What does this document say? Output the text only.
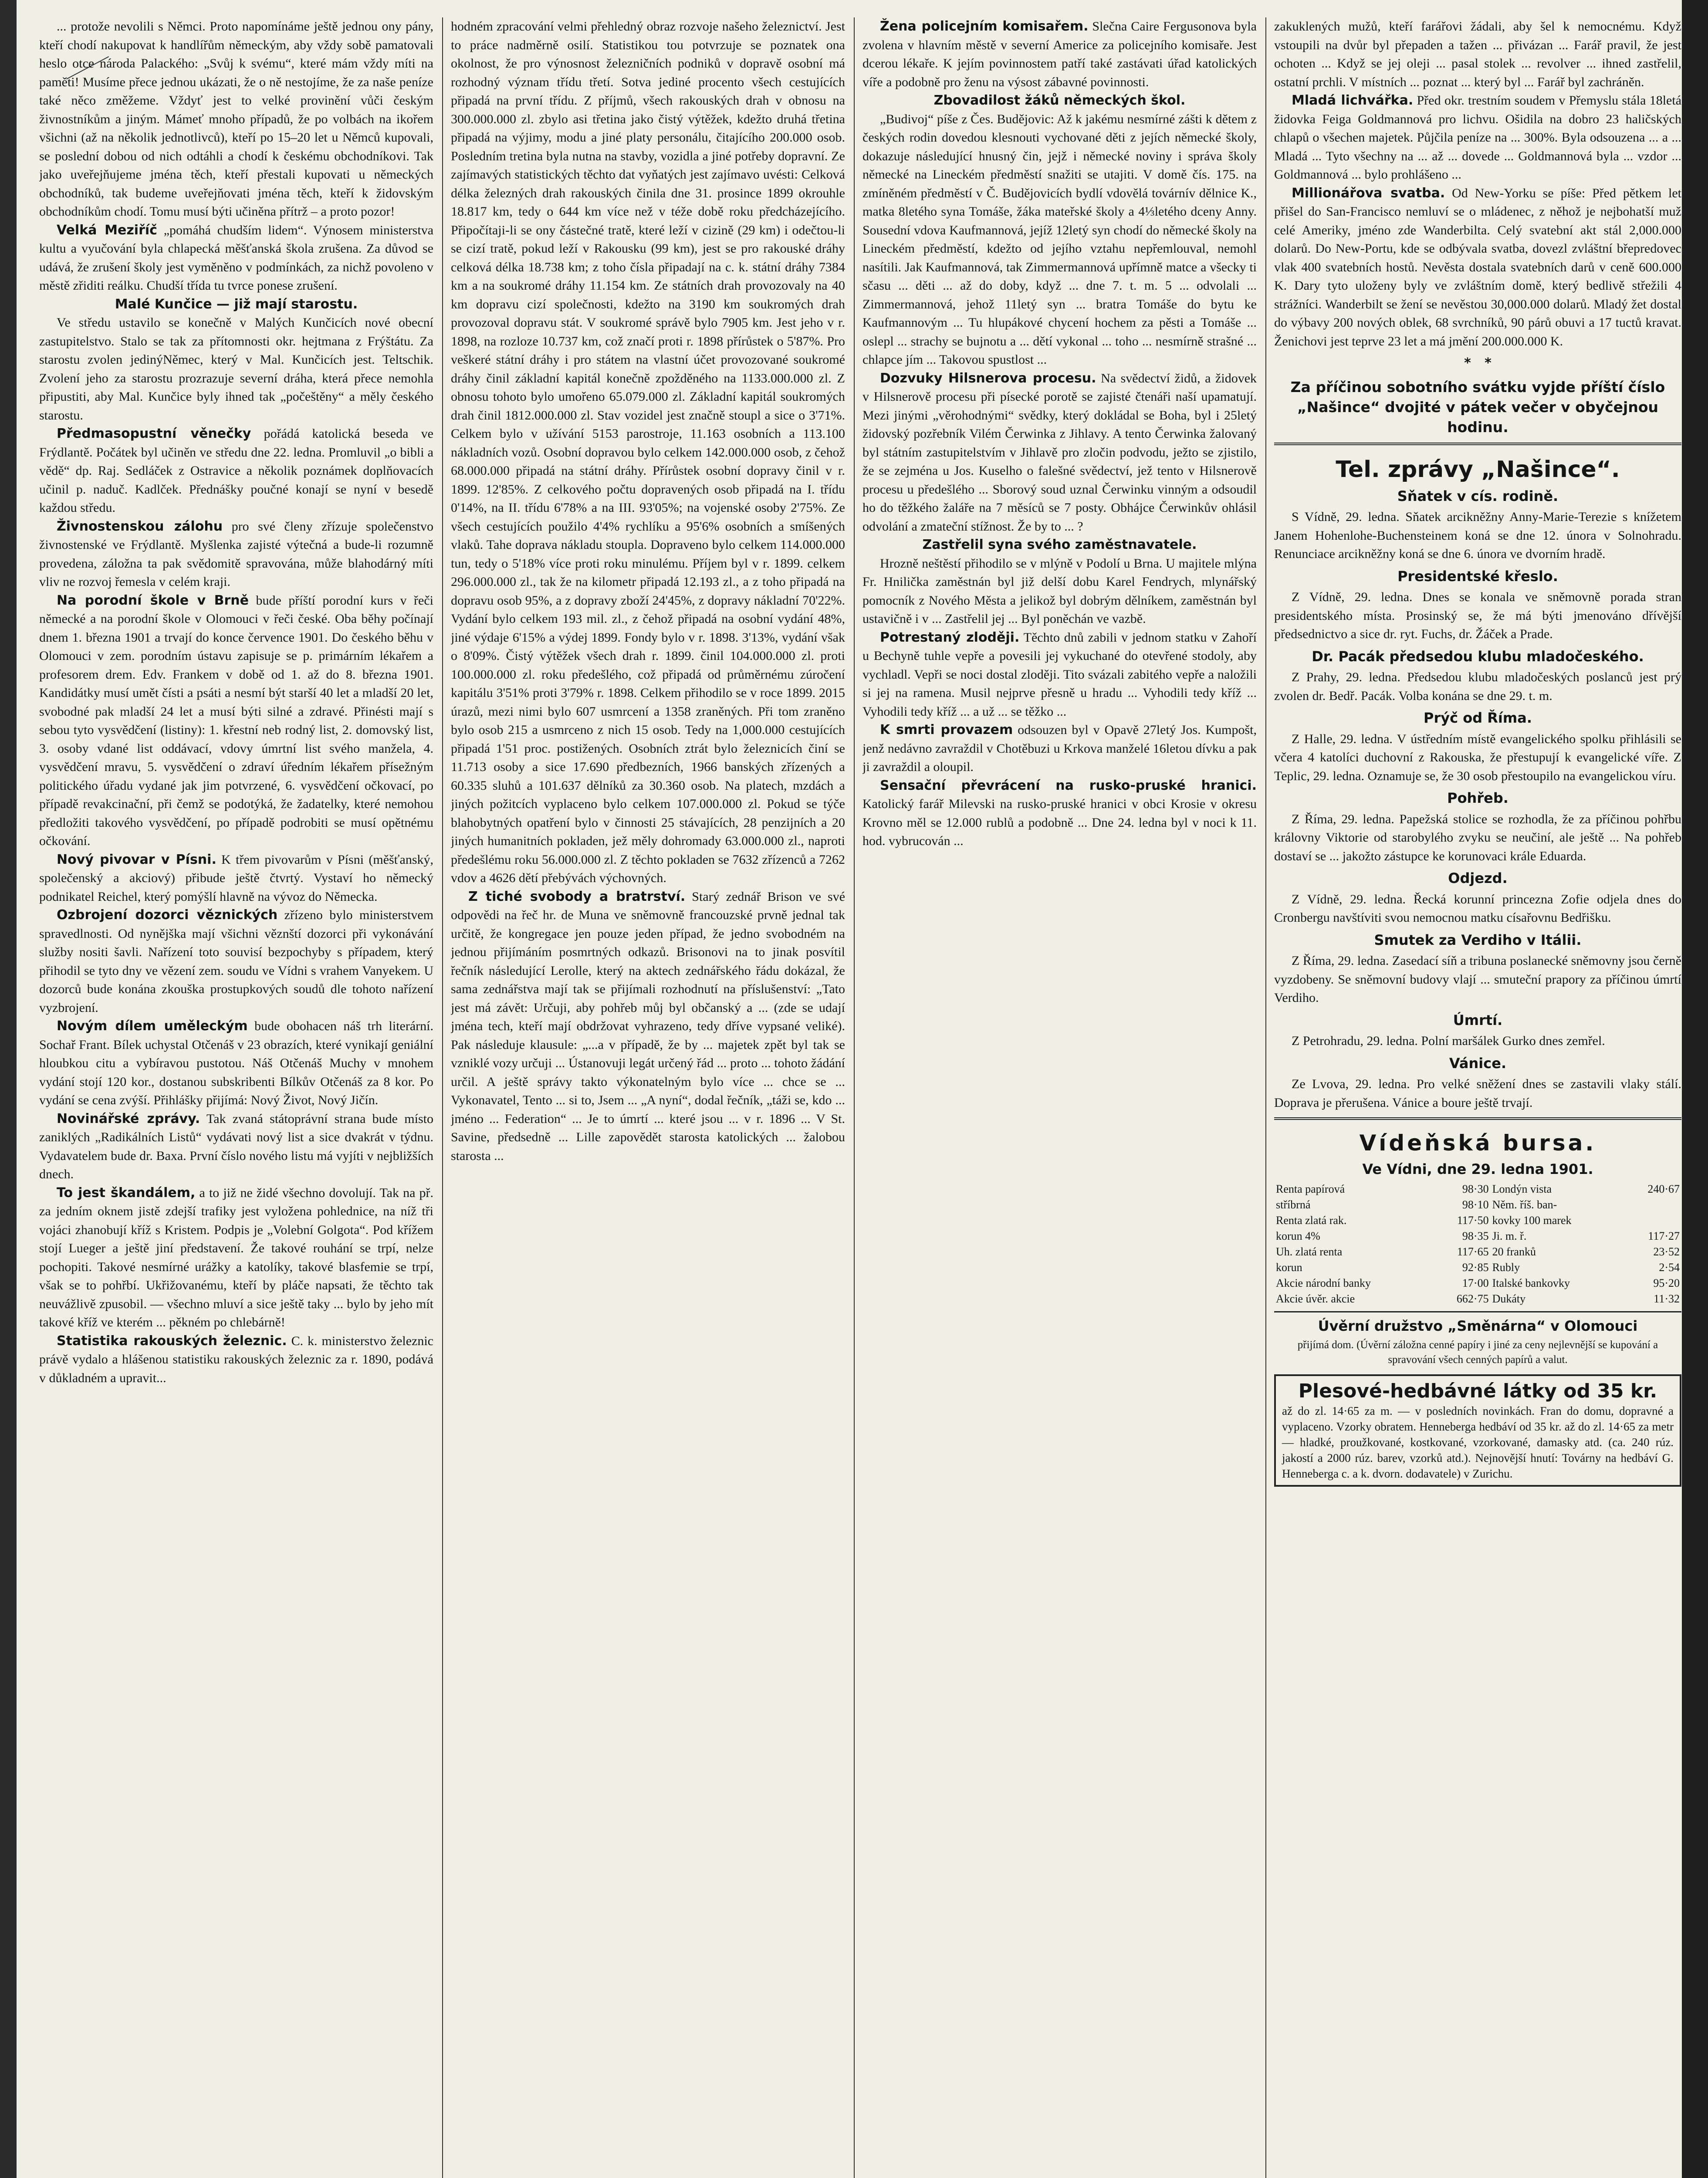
... protože nevolili s Němci. Proto napomínáme ještě jednou ony pány, kteří chodí nakupovat k handlířům německým, aby vždy sobě pamatovali heslo otce národa Palackého: „Svůj k svému“, které mám vždy míti na paměti! Musíme přece jednou ukázati, že o ně nestojíme, že za naše peníze také něco změžeme. Vždyť jest to velké provinění vůči českým živnostníkům a jiným. Mámeť mnoho případů, že po volbách na ikořem všichni (až na několik jednotlivců), kteří po 15–20 let u Němců kupovali, se poslední dobou od nich odtáhli a chodí k českému obchodníkovi. Tak jako uveřejňujeme jména těch, kteří přestali kupovati u německých obchodníků, tak budeme uveřejňovati jména těch, kteří k židovským obchodníkům chodí. Tomu musí býti učiněna přítrž – a proto pozor!

Velká Meziříč „pomáhá chudším lidem“. Výnosem ministerstva kultu a vyučování byla chlapecká měšťanská škola zrušena. Za důvod se udává, že zrušení školy jest vyměněno v podmínkách, za nichž povoleno v městě zřiditi reálku. Chudší třída tu tvrce ponese zrušení.

Malé Kunčice — již mají starostu.

Ve středu ustavilo se konečně v Malých Kunčicích nové obecní zastupitelstvo. Stalo se tak za přítomnosti okr. hejtmana z Frýštátu. Za starostu zvolen jedinýNěmec, který v Mal. Kunčicích jest. Teltschik. Zvolení jeho za starostu prozrazuje severní dráha, která přece nemohla připustiti, aby Mal. Kunčice byly ihned tak „počeštěny“ a měly českého starostu.

Předmasopustní věnečky pořádá katolická beseda ve Frýdlantě. Počátek byl učiněn ve středu dne 22. ledna. Promluvil „o bibli a vědě“ dp. Raj. Sedláček z Ostravice a několik poznámek doplňovacích učinil p. naduč. Kadlček. Přednášky poučné konají se nyní v besedě každou středu.

Živnostenskou zálohu pro své členy zřízuje společenstvo živnostenské ve Frýdlantě. Myšlenka zajisté výtečná a bude-li rozumně provedena, záložna ta pak svědomitě spravována, může blahodárný míti vliv ne rozvoj řemesla v celém kraji.

Na porodní škole v Brně bude příští porodní kurs v řeči německé a na porodní škole v Olomouci v řeči české. Oba běhy počínají dnem 1. března 1901 a trvají do konce července 1901. Do českého běhu v Olomouci v zem. porodním ústavu zapisuje se p. primárním lékařem a profesorem drem. Edv. Frankem v době od 1. až do 8. března 1901. Kandidátky musí umět čísti a psáti a nesmí být starší 40 let a mladší 20 let, svobodné pak mladší 24 let a musí býti silné a zdravé. Přinésti mají s sebou tyto vysvědčení (listiny): 1. křestní neb rodný list, 2. domovský list, 3. osoby vdané list oddávací, vdovy úmrtní list svého manžela, 4. vysvědčení mravu, 5. vysvědčení o zdraví úředním lékařem přísežným politického úřadu vydané jak jim potvrzené, 6. vysvědčení očkovací, po případě revakcinační, při čemž se podotýká, že žadatelky, které nemohou předložiti takového vysvědčení, po případě podrobiti se musí opětnému očkování.

Nový pivovar v Písni. K třem pivovarům v Písni (měšťanský, společenský a akciový) přibude ještě čtvrtý. Vystaví ho německý podnikatel Reichel, který pomýšlí hlavně na vývoz do Německa.

Ozbrojení dozorci věznických zřízeno bylo ministerstvem spravedlnosti. Od nynějška mají všichni věznští dozorci při vykonávání služby nositi šavli. Nařízení toto souvisí bezpochyby s případem, který přihodil se tyto dny ve vězení zem. soudu ve Vídni s vrahem Vanyekem. U dozorců bude konána zkouška prostupkových soudů dle tohoto nařízení vyzbrojení.

Novým dílem uměleckým bude obohacen náš trh literární. Sochař Frant. Bílek uchystal Otčenáš v 23 obrazích, které vynikají geniální hloubkou citu a vybíravou pustotou. Náš Otčenáš Muchy v mnohem vydání stojí 120 kor., dostanou subskribenti Bílkův Otčenáš za 8 kor. Po vydání se cena zvýší. Přihlášky přijímá: Nový Život, Nový Jičín.

Novinářské zprávy. Tak zvaná státoprávní strana bude místo zaniklých „Radikálních Listů“ vydávati nový list a sice dvakrát v týdnu. Vydavatelem bude dr. Baxa. První číslo nového listu má vyjíti v nejbližších dnech.

To jest škandálem, a to již ne židé všechno dovolují. Tak na př. za jedním oknem jistě zdejší trafiky jest vyložena pohlednice, na níž tři vojáci zhanobují kříž s Kristem. Podpis je „Volební Golgota“. Pod křížem stojí Lueger a ještě jiní představení. Že takové rouhání se trpí, nelze pochopiti. Takové nesmírné urážky a katolíky, takové blasfemie se trpí, však se to pohřbí. Ukřižovanému, kteří by pláče napsati, že těchto tak neuvážlivě zpusobil. — všechno mluví a sice ještě taky ... bylo by jeho mít takové kříž ve kterém ... pěkném po chlebárně!

Statistika rakouských železnic. C. k. ministerstvo železnic právě vydalo a hlášenou statistiku rakouských železnic za r. 1890, podává v důkladném a upravit...

hodném zpracování velmi přehledný obraz rozvoje našeho železnictví. Jest to práce nadměrně osilí. Statistikou tou potvrzuje se poznatek ona okolnost, že pro výnosnost železničních podniků v dopravě osobní má rozhodný význam třídu třetí. Sotva jediné procento všech cestujících připadá na první třídu. Z příjmů, všech rakouských drah v obnosu na 300.000.000 zl. zbylo asi třetina jako čistý výtěžek, kdežto druhá třetina připadá na výjimy, modu a jiné platy personálu, čitajícího 200.000 osob. Posledním tretina byla nutna na stavby, vozidla a jiné potřeby dopravní. Ze zajímavých statistických těchto dat vyňatých jest zajímavo uvésti: Celková délka železných drah rakouských činila dne 31. prosince 1899 okrouhle 18.817 km, tedy o 644 km více než v téže době roku předcházejícího. Připočítaji-li se ony částečné tratě, které leží v cizině (29 km) i odečtou-li se cizí tratě, pokud leží v Rakousku (99 km), jest se pro rakouské dráhy celková délka 18.738 km; z toho čísla připadají na c. k. státní dráhy 7384 km a na soukromé dráhy 11.154 km. Ze státních drah provozovaly na 40 km dopravu cizí společnosti, kdežto na 3190 km soukromých drah provozoval dopravu stát. V soukromé správě bylo 7905 km. Jest jeho v r. 1898, na rozloze 10.737 km, což značí proti r. 1898 přírůstek o 5'87%. Pro veškeré státní dráhy i pro státem na vlastní účet provozované soukromé dráhy činil základní kapitál konečně zpožděného na 1133.000.000 zl. Z obnosu tohoto bylo umořeno 65.079.000 zl. Základní kapitál soukromých drah činil 1812.000.000 zl. Stav vozidel jest značně stoupl a sice o 3'71%. Celkem bylo v užívání 5153 parostroje, 11.163 osobních a 113.100 nákladních vozů. Osobní dopravou bylo celkem 142.000.000 osob, z čehož 68.000.000 připadá na státní dráhy. Přírůstek osobní dopravy činil v r. 1899. 12'85%. Z celkového počtu dopravených osob připadá na I. třídu 0'14%, na II. třídu 6'78% a na III. 93'05%; na vojenské osoby 2'75%. Ze všech cestujících použilo 4'4% rychlíku a 95'6% osobních a smíšených vlaků. Tahe doprava nákladu stoupla. Dopraveno bylo celkem 114.000.000 tun, tedy o 5'18% více proti roku minulému. Příjem byl v r. 1899. celkem 296.000.000 zl., tak že na kilometr připadá 12.193 zl., a z toho připadá na dopravu osob 95%, a z dopravy zboží 24'45%, z dopravy nákladní 70'22%. Vydání bylo celkem 193 mil. zl., z čehož připadá na osobní vydání 48%, jiné výdaje 6'15% a výdej 1899. Fondy bylo v r. 1898. 3'13%, vydání však o 8'09%. Čistý výtěžek všech drah r. 1899. činil 104.000.000 zl. proti 100.000.000 zl. roku předešlého, což připadá od průměrnému zúročení kapitálu 3'51% proti 3'79% r. 1898. Celkem přihodilo se v roce 1899. 2015 úrazů, mezi nimi bylo 607 usmrcení a 1358 zraněných. Při tom zraněno bylo osob 215 a usmrceno z nich 15 osob. Tedy na 1,000.000 cestujících připadá 1'51 proc. postižených. Osobních ztrát bylo železnicích činí se 11.713 osoby a sice 17.690 předbezních, 1966 banských zřízených a 60.335 sluhů a 101.637 dělníků za 30.360 osob. Na platech, mzdách a jiných požitcích vyplaceno bylo celkem 107.000.000 zl. Pokud se týče blahobytných opatření bylo v činnosti 25 stávajících, 28 penzijních a 20 jiných humanitních pokladen, jež měly dohromady 63.000.000 zl., naproti předešlému roku 56.000.000 zl. Z těchto pokladen se 7632 zřízenců a 7262 vdov a 4626 dětí přebývách výchovných.

Z tiché svobody a bratrství. Starý zednář Brison ve své odpovědi na řeč hr. de Muna ve sněmovně francouzské prvně jednal tak určitě, že kongregace jen pouze jeden případ, že jedno svobodném na jednou přijímáním posmrtných odkazů. Brisonovi na to jinak posvítil řečník následující Lerolle, který na aktech zednářského řádu dokázal, že sama zednářstva mají tak se přijímali rozhodnutí na příslušenství: „Tato jest má závět: Určuji, aby pohřeb můj byl občanský a ... (zde se udají jména tech, kteří mají obdržovat vyhrazeno, tedy dříve vypsané veliké). Pak následuje klausule: „...a v případě, že by ... majetek zpět byl tak se vzniklé vozy určuji ... Ústanovuji legát určený řád ... proto ... tohoto žádání určil. A ještě správy takto výkonatelným bylo více ... chce se ... Vykonavatel, Tento ... si to, Jsem ... „A nyní“, dodal řečník, „táži se, kdo ... jméno ... Federation“ ... Je to úmrtí ... které jsou ... v r. 1896 ... V St. Savine, předsedně ... Lille zapovědět starosta katolických ... žalobou starosta ...

Žena policejním komisařem. Slečna Caire Fergusonova byla zvolena v hlavním městě v severní Americe za policejního komisaře. Jest dcerou lékaře. K jejím povinnostem patří také zastávati úřad katolických víře a podobně pro ženu na výsost zábavné povinnosti.

Zbovadilost žáků německých škol.

„Budivoj“ píše z Čes. Budějovic: Až k jakému nesmírné zášti k dětem z českých rodin dovedou klesnouti vychované děti z jejích německé školy, dokazuje následující hnusný čin, jejž i německé noviny i správa školy německé na Lineckém předměstí snažiti se utajiti. V domě čís. 175. na zmíněném předměstí v Č. Budějovicích bydlí vdovělá továrnív dělnice K., matka 8letého syna Tomáše, žáka mateřské školy a 4⅓letého dceny Anny. Sousední vdova Kaufmannová, jejíž 12letý syn chodí do německé školy na Lineckém předměstí, kdežto od jejího vztahu nepřemlouval, nemohl nasítili. Jak Kaufmannová, tak Zimmermannová upřímně matce a všecky ti sčasu ... děti ... až do doby, když ... dne 7. t. m. 5 ... odvolali ... Zimmermannová, jehož 11letý syn ... bratra Tomáše do bytu ke Kaufmannovým ... Tu hlupákové chycení hochem za pěsti a Tomáše ... oslepl ... strachy se bujnotu a ... dětí vykonal ... toho ... nesmírně strašné ... chlapce jím ... Takovou spustlost ...

Dozvuky Hilsnerova procesu. Na svědectví židů, a židovek v Hilsnerově procesu při písecké porotě se zajisté čtenáři naší upamatují. Mezi jinými „věrohodnými“ svědky, který dokládal se Boha, byl i 25letý židovský pozřebník Vilém Čerwinka z Jihlavy. A tento Čerwinka žalovaný byl státním zastupitelstvím v Jihlavě pro zločin podvodu, ježto se zjistilo, že se zejména u Jos. Kuselho o falešné svědectví, jež tento v Hilsnerově procesu u předešlého ... Sborový soud uznal Čerwinku vinným a odsoudil ho do těžkého žaláře na 7 měsíců se 7 posty. Obhájce Čerwinkův ohlásil odvolání a zmateční stížnost. Že by to ... ?

Zastřelil syna svého zaměstnavatele.

Hrozně neštěstí přihodilo se v mlýně v Podolí u Brna. U majitele mlýna Fr. Hnilička zaměstnán byl již delší dobu Karel Fendrych, mlynářský pomocník z Nového Města a jelikož byl dobrým dělníkem, zaměstnán byl ustavičně i v ... Zastřelil jej ... Byl poněchán ve vazbě.

Potrestaný zloději. Těchto dnů zabili v jednom statku v Zahoří u Bechyně tuhle vepře a povesili jej vykuchané do otevřené stodoly, aby vychladl. Vepři se noci dostal zloději. Tito svázali zabitého vepře a naložili si jej na ramena. Musil nejprve přesně u hradu ... Vyhodili tedy kříž ... Vyhodili tedy kříž ... a už ... se těžko ...

K smrti provazem odsouzen byl v Opavě 27letý Jos. Kumpošt, jenž nedávno zavraždil v Chotěbuzi u Krkova manželé 16letou dívku a pak ji zavraždil a oloupil.

Sensační převrácení na rusko-pruské hranici. Katolický farář Milevski na rusko-pruské hranici v obci Krosie v okresu Krovno měl se 12.000 rublů a podobně ... Dne 24. ledna byl v noci k 11. hod. vybrucován ...

zakuklených mužů, kteří farářovi žádali, aby šel k nemocnému. Když vstoupili na dvůr byl přepaden a tažen ... přivázan ... Farář pravil, že jest ochoten ... Když se jej oleji ... pasal stolek ... revolver ... ihned zastřelil, ostatní prchli. V místních ... poznat ... který byl ... Farář byl zachráněn.

Mladá lichvářka. Před okr. trestním soudem v Přemyslu stála 18letá židovka Feiga Goldmannová pro lichvu. Ošidila na dobro 23 haličských chlapů o všechen majetek. Půjčila peníze na ... 300%. Byla odsouzena ... a ... Mladá ... Tyto všechny na ... až ... dovede ... Goldmannová byla ... vzdor ... Goldmannová ... bylo prohlášeno ...

Millionářova svatba. Od New-Yorku se píše: Před pětkem let přišel do San-Francisco nemluví se o mládenec, z něhož je nejbohatší muž celé Ameriky, jméno zde Wanderbilta. Celý svatební akt stál 2,000.000 dolarů. Do New-Portu, kde se odbývala svatba, dovezl zvláštní břepredovec vlak 400 svatebních hostů. Nevěsta dostala svatebních darů v ceně 600.000 K. Dary tyto uloženy byly ve zvláštním domě, který bedlivě střežili 4 strážníci. Wanderbilt se žení se nevěstou 30,000.000 dolarů. Mladý žet dostal do výbavy 200 nových oblek, 68 svrchníků, 90 párů obuvi a 17 tuctů kravat. Ženichovi jest teprve 23 let a má jmění 200.000.000 K.

*   *
Za příčinou sobotního svátku vyjde příští číslo „Našince“ dvojité v pátek večer v obyčejnou hodinu.
Tel. zprávy „Našince“.
Sňatek v cís. rodině.

S Vídně, 29. ledna. Sňatek arcikněžny Anny-Marie-Terezie s knížetem Janem Hohenlohe-Buchensteinem koná se dne 12. února v Solnohradu. Renunciace arcikněžny koná se dne 6. února ve dvorním hradě.

Presidentské křeslo.

Z Vídně, 29. ledna. Dnes se konala ve sněmovně porada stran presidentského místa. Prosinský se, že má býti jmenováno dřívější předsednictvo a sice dr. ryt. Fuchs, dr. Žáček a Prade.

Dr. Pacák předsedou klubu mladočeského.

Z Prahy, 29. ledna. Předsedou klubu mladočeských poslanců jest prý zvolen dr. Bedř. Pacák. Volba konána se dne 29. t. m.

Prýč od Říma.

Z Halle, 29. ledna. V ústředním místě evangelického spolku přihlásili se včera 4 katolíci duchovní z Rakouska, že přestupují k evangelické víře. Z Teplic, 29. ledna. Oznamuje se, že 30 osob přestoupilo na evangelickou víru.

Pohřeb.

Z Říma, 29. ledna. Papežská stolice se rozhodla, že za příčinou pohřbu královny Viktorie od starobylého zvyku se neučiní, ale ještě ... Na pohřeb dostaví se ... jakožto zástupce ke korunovaci krále Eduarda.

Odjezd.

Z Vídně, 29. ledna. Řecká korunní princezna Zofie odjela dnes do Cronbergu navštíviti svou nemocnou matku císařovnu Bedřišku.

Smutek za Verdiho v Itálii.

Z Říma, 29. ledna. Zasedací síň a tribuna poslanecké sněmovny jsou černě vyzdobeny. Se sněmovní budovy vlají ... smuteční prapory za příčinou úmrtí Verdiho.

Úmrtí.

Z Petrohradu, 29. ledna. Polní maršálek Gurko dnes zemřel.

Vánice.

Ze Lvova, 29. ledna. Pro velké sněžení dnes se zastavili vlaky stálí. Doprava je přerušena. Vánice a boure ještě trvají.

Vídeňská bursa.
Ve Vídni, dne 29. ledna 1901.
Renta papírová	98·30	Londýn vista	240·67
stříbrná	98·10	Něm. říš. ban-	
Renta zlatá rak.	117·50	kovky 100 marek	
korun 4%	98·35	Ji. m. ř.	117·27
Uh. zlatá renta	117·65	20 franků	23·52
korun	92·85	Rubly	2·54
Akcie národní banky	17·00	Italské bankovky	95·20
Akcie úvěr. akcie	662·75	Dukáty	11·32
Úvěrní družstvo „Směnárna“ v Olomouci
přijímá dom. (Úvěrní záložna cenné papíry i jiné za ceny nejlevnější se kupování a spravování všech cenných papírů a valut.
Plesové-hedbávné látky od 35 kr.
až do zl. 14·65 za m. — v posledních novinkách. Fran do domu, dopravné a vyplaceno. Vzorky obratem. Henneberga hedbáví od 35 kr. až do zl. 14·65 za metr — hladké, proužkované, kostkované, vzorkované, damasky atd. (ca. 240 rúz. jakostí a 2000 rúz. barev, vzorků atd.). Nejnovější hnutí: Továrny na hedbáví G. Henneberga c. a k. dvorn. dodavatele) v Zurichu.
